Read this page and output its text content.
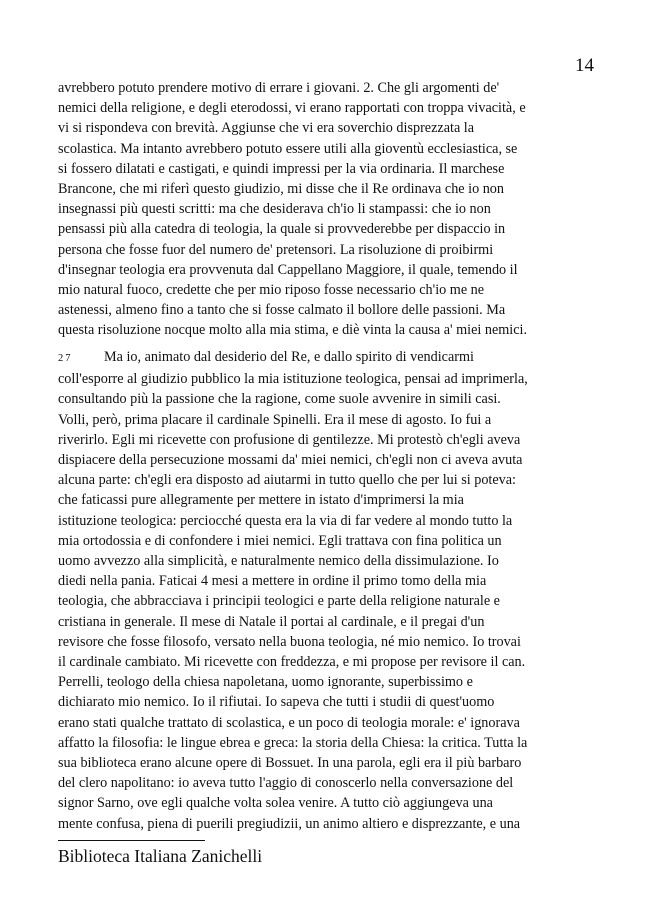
14
avrebbero potuto prendere motivo di errare i giovani. 2. Che gli argomenti de'
nemici della religione, e degli eterodossi, vi erano rapportati con troppa vivacità, e
vi si rispondeva con brevità. Aggiunse che vi era soverchio disprezzata la
scolastica. Ma intanto avrebbero potuto essere utili alla gioventù ecclesiastica, se
si fossero dilatati e castigati, e quindi impressi per la via ordinaria. Il marchese
Brancone, che mi riferì questo giudizio, mi disse che il Re ordinava che io non
insegnassi più questi scritti: ma che desiderava ch'io li stampassi: che io non
pensassi più alla catedra di teologia, la quale si provvederebbe per dispaccio in
persona che fosse fuor del numero de' pretensori. La risoluzione di proibirmi
d'insegnar teologia era provvenuta dal Cappellano Maggiore, il quale, temendo il
mio natural fuoco, credette che per mio riposo fosse necessario ch'io me ne
astenessi, almeno fino a tanto che si fosse calmato il bollore delle passioni. Ma
questa risoluzione nocque molto alla mia stima, e diè vinta la causa a' miei nemici.
27 Ma io, animato dal desiderio del Re, e dallo spirito di vendicarmi
coll'esporre al giudizio pubblico la mia istituzione teologica, pensai ad imprimerla,
consultando più la passione che la ragione, come suole avvenire in simili casi.
Volli, però, prima placare il cardinale Spinelli. Era il mese di agosto. Io fui a
riverirlo. Egli mi ricevette con profusione di gentilezze. Mi protestò ch'egli aveva
dispiacere della persecuzione mossami da' miei nemici, ch'egli non ci aveva avuta
alcuna parte: ch'egli era disposto ad aiutarmi in tutto quello che per lui si poteva:
che faticassi pure allegramente per mettere in istato d'imprimersi la mia
istituzione teologica: perciocché questa era la via di far vedere al mondo tutto la
mia ortodossia e di confondere i miei nemici. Egli trattava con fina politica un
uomo avvezzo alla simplicità, e naturalmente nemico della dissimulazione. Io
diedi nella pania. Faticai 4 mesi a mettere in ordine il primo tomo della mia
teologia, che abbracciava i principii teologici e parte della religione naturale e
cristiana in generale. Il mese di Natale il portai al cardinale, e il pregai d'un
revisore che fosse filosofo, versato nella buona teologia, né mio nemico. Io trovai
il cardinale cambiato. Mi ricevette con freddezza, e mi propose per revisore il can.
Perrelli, teologo della chiesa napoletana, uomo ignorante, superbissimo e
dichiarato mio nemico. Io il rifiutai. Io sapeva che tutti i studii di quest'uomo
erano stati qualche trattato di scolastica, e un poco di teologia morale: e' ignorava
affatto la filosofia: le lingue ebrea e greca: la storia della Chiesa: la critica. Tutta la
sua biblioteca erano alcune opere di Bossuet. In una parola, egli era il più barbaro
del clero napolitano: io aveva tutto l'aggio di conoscerlo nella conversazione del
signor Sarno, ove egli qualche volta solea venire. A tutto ciò aggiungeva una
mente confusa, piena di puerili pregiudizii, un animo altiero e disprezzante, e una
Biblioteca Italiana Zanichelli
